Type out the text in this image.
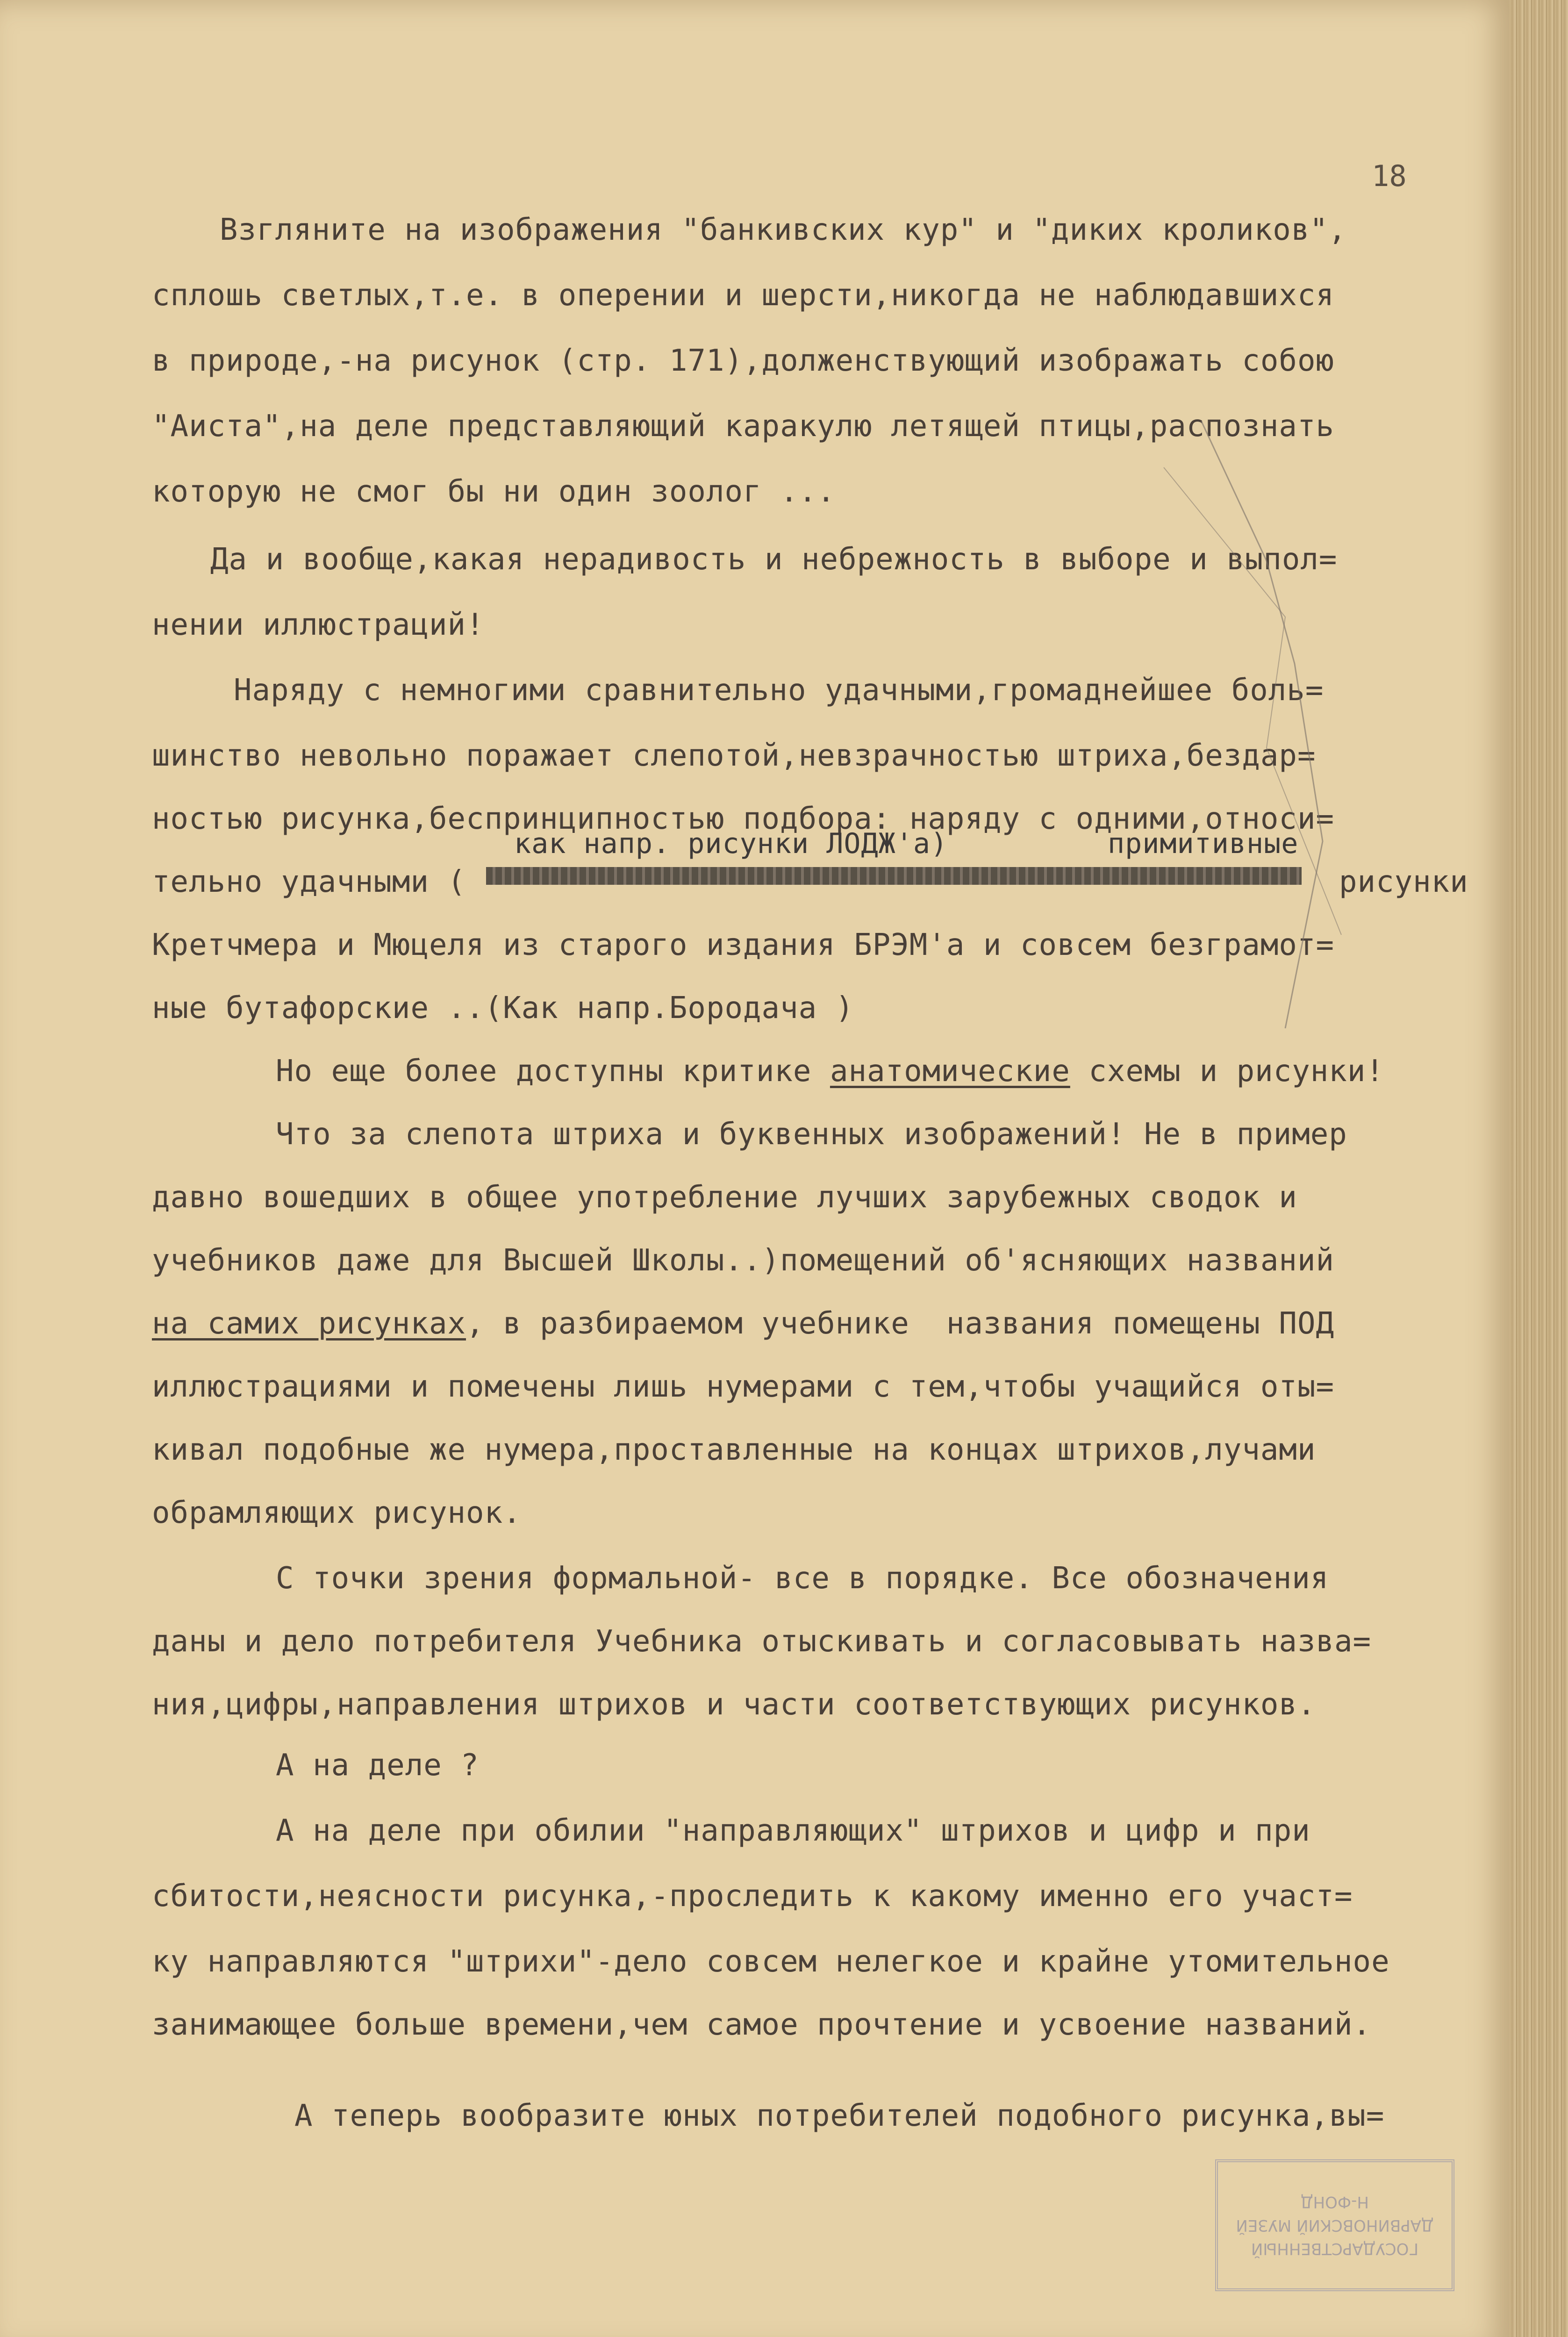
18
Взгляните на изображения "банкивских кур" и "диких кроликов",
сплошь светлых,т.е. в оперении и шерсти,никогда не наблюдавшихся
в природе,-на рисунок (стр. 171),долженствующий изображать собою
"Аиста",на деле представляющий каракулю летящей птицы,распознать
которую не смог бы ни один зоолог ...
Да и вообще,какая нерадивость и небрежность в выборе и выпол=
нении иллюстраций!
Наряду с немногими сравнительно удачными,громаднейшее боль=
шинство невольно поражает слепотой,невзрачностью штриха,бездар=
ностью рисунка,беспринципностью подбора: наряду с одними,относи=
как напр. рисунки ЛОДЖ'а)	примитивные
тельно удачными (	рисунки
Кретчмера и Мюцеля из старого издания БРЭМ'а и совсем безграмот=
ные бутафорские ..(Как напр.Бородача )
Но еще более доступны критике анатомические схемы и рисунки!
Что за слепота штриха и буквенных изображений! Не в пример
давно вошедших в общее употребление лучших зарубежных сводок и
учебников даже для Высшей Школы..)помещений об'ясняющих названий
на самих рисунках, в разбираемом учебнике  названия помещены ПОД
иллюстрациями и помечены лишь нумерами с тем,чтобы учащийся оты=
кивал подобные же нумера,проставленные на концах штрихов,лучами
обрамляющих рисунок.
С точки зрения формальной- все в порядке. Все обозначения
даны и дело потребителя Учебника отыскивать и согласовывать назва=
ния,цифры,направления штрихов и части соответствующих рисунков.
А на деле ?
А на деле при обилии "направляющих" штрихов и цифр и при
сбитости,неясности рисунка,-проследить к какому именно его участ=
ку направляются "штрихи"-дело совсем нелегкое и крайне утомительное
занимающее больше времени,чем самое прочтение и усвоение названий.
А теперь вообразите юных потребителей подобного рисунка,вы=
ГОСУДАРСТВЕННЫЙ
ДАРВИНОВСКИЙ МУЗЕЙ
Н-ФОНД
